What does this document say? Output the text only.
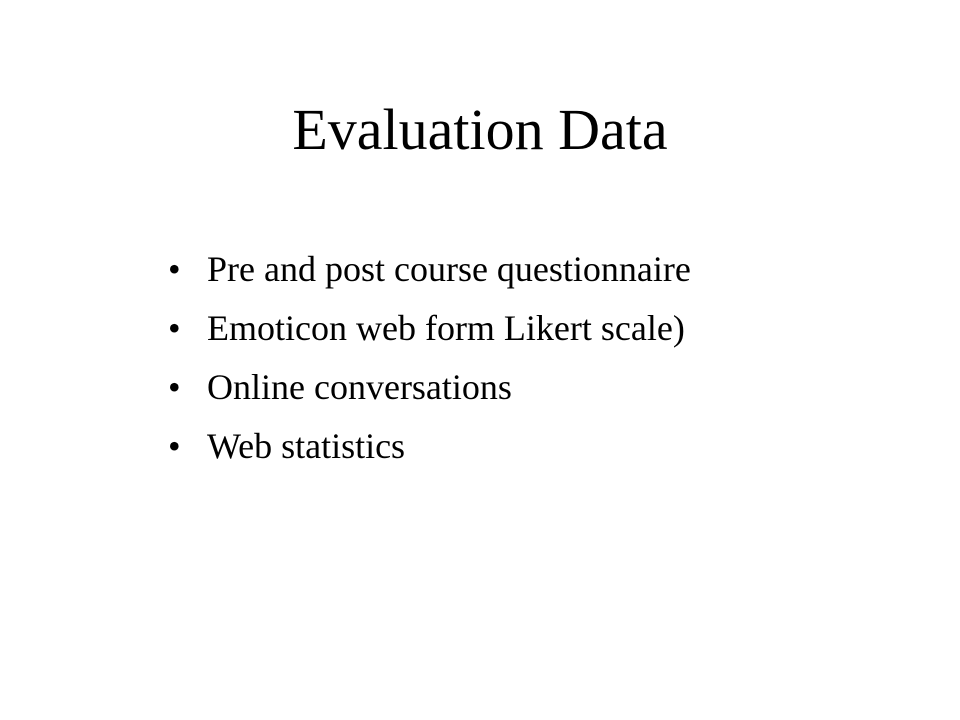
Evaluation Data
• Pre and post course questionnaire
• Emoticon web form Likert scale)
• Online conversations
• Web statistics
